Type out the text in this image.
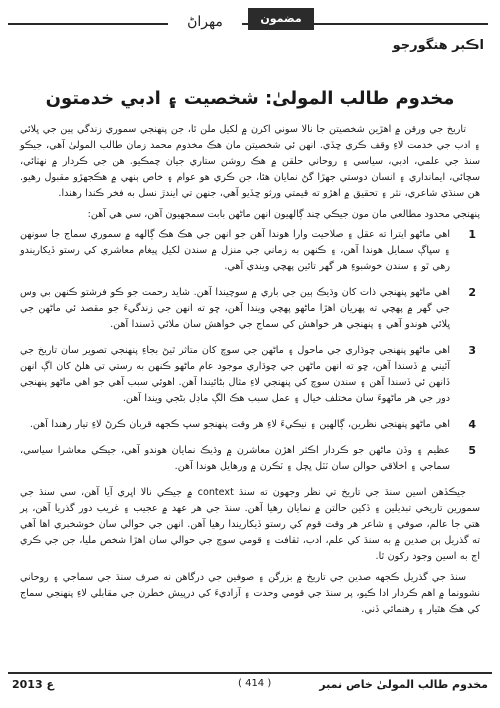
مهراڻ	مضمون
اڪبر هنگورجو
مخدوم طالب المولىٰ: شخصيت ۽ ادبي خدمتون

تاريخ جي ورقن ۾ اهڙين شخصيتن جا نالا سوني اکرن ۾ لکيل ملن ٿا، جن پنهنجي سموري زندگي ٻين جي ڀلائي ۽ ادب جي خدمت لاءِ وقف ڪري ڇڏي. انهن ئي شخصيتن مان هڪ مخدوم محمد زمان طالب المولىٰ آهي، جيڪو سنڌ جي علمي، ادبي، سياسي ۽ روحاني حلقن ۾ هڪ روشن ستاري جيان چمڪيو. هن جي ڪردار ۾ نهٺائي، سچائي، ايمانداري ۽ انسان دوستي جهڙا گڻ نمايان هئا، جن ڪري هو عوام ۽ خاص ٻنهي ۾ هڪجهڙو مقبول رهيو. هن سنڌي شاعري، نثر ۽ تحقيق ۾ اهڙو ته قيمتي ورثو ڇڏيو آهي، جنهن تي ايندڙ نسل به فخر ڪندا رهندا.

پنهنجي محدود مطالعي مان مون جيڪي چند ڳالهيون انهن ماڻهن بابت سمجهيون آهن، سي هي آهن:

1

اهي ماڻهو ايترا ته عقل ۽ صلاحيت وارا هوندا آهن جو انهن جي هڪ هڪ ڳالهه ۾ سموري سماج جا سونهن ۽ سڀاڳ سمايل هوندا آهن، ۽ ڪنهن به زماني جي منزل ۾ سندن لکيل پيغام معاشري کي رستو ڏيکاريندو رهي ٿو ۽ سندن خوشبوءِ هر گهر تائين پهچي ويندي آهي.

2

اهي ماڻهو پنهنجي ذات کان وڌيڪ ٻين جي باري ۾ سوچيندا آهن. شايد رحمت جو ڪو فرشتو ڪنهن بي وس جي گهر ۾ پهچي ته پهريان اهڙا ماڻهو پهچي ويندا آهن، ڇو ته انهن جي زندگيءَ جو مقصد ئي ماڻهن جي ڀلائي هوندو آهي ۽ پنهنجي هر خواهش کي سماج جي خواهش سان ملائي ڏسندا آهن.

3

اهي ماڻهو پنهنجي چوڌاري جي ماحول ۽ ماڻهن جي سوچ کان متاثر ٿيڻ بجاءِ پنهنجي تصوير سان تاريخ جي آئيني ۾ ڏسندا آهن، ڇو ته انهن ماڻهن جي چوڌاري موجود عام ماڻهو ڪنهن به رستي تي هلڻ کان اڳ انهن ڏانهن ئي ڏسندا آهن ۽ سندن سوچ کي پنهنجي لاءِ مثال بڻائيندا آهن. اهوئي سبب آهي جو اهي ماڻهو پنهنجي دور جي هر ماڻهوءَ سان مختلف خيال ۽ عمل سبب هڪ الڳ ماڊل بڻجي ويندا آهن.

4

اهي ماڻهو پنهنجي نظرين، ڳالهين ۽ نيڪيءَ لاءِ هر وقت پنهنجو سڀ ڪجهه قربان ڪرڻ لاءِ تيار رهندا آهن.

5

عظيم ۽ وڏن ماڻهن جو ڪردار اڪثر اهڙن معاشرن ۾ وڌيڪ نمايان هوندو آهي، جيڪي معاشرا سياسي، سماجي ۽ اخلاقي حوالن سان ٽٽل ڀڄل ۽ ٽڪرن ۾ ورهايل هوندا آهن.

جيڪڏهن اسين سنڌ جي تاريخ تي نظر وجهون ته سنڌ context ۾ جيڪي نالا اڀري آيا آهن، سي سنڌ جي سمورين تاريخي تبديلين ۽ ڏکين حالتن ۾ نمايان رهيا آهن. سنڌ جي هر عهد ۾ عجيب ۽ غريب دور گذريا آهن، پر هتي جا عالم، صوفي ۽ شاعر هر وقت قوم کي رستو ڏيکاريندا رهيا آهن. انهن جي حوالي سان خوشخبري اها آهي ته گذريل ٻن صدين ۾ به سنڌ کي علم، ادب، ثقافت ۽ قومي سوچ جي حوالي سان اهڙا شخص مليا، جن جي ڪري اڄ به اسين وجود رکون ٿا.

سنڌ جي گذريل ڪجهه صدين جي تاريخ ۾ بزرگن ۽ صوفين جي درگاهن نه صرف سنڌ جي سماجي ۽ روحاني نشوونما ۾ اهم ڪردار ادا ڪيو، پر سنڌ جي قومي وحدت ۽ آزاديءَ کي درپيش خطرن جي مقابلي لاءِ پنهنجي سماج کي هڪ هٿيار ۽ رهنمائي ڏني.

2013 ع	( 414 )	مخدوم طالب المولىٰ خاص نمبر
